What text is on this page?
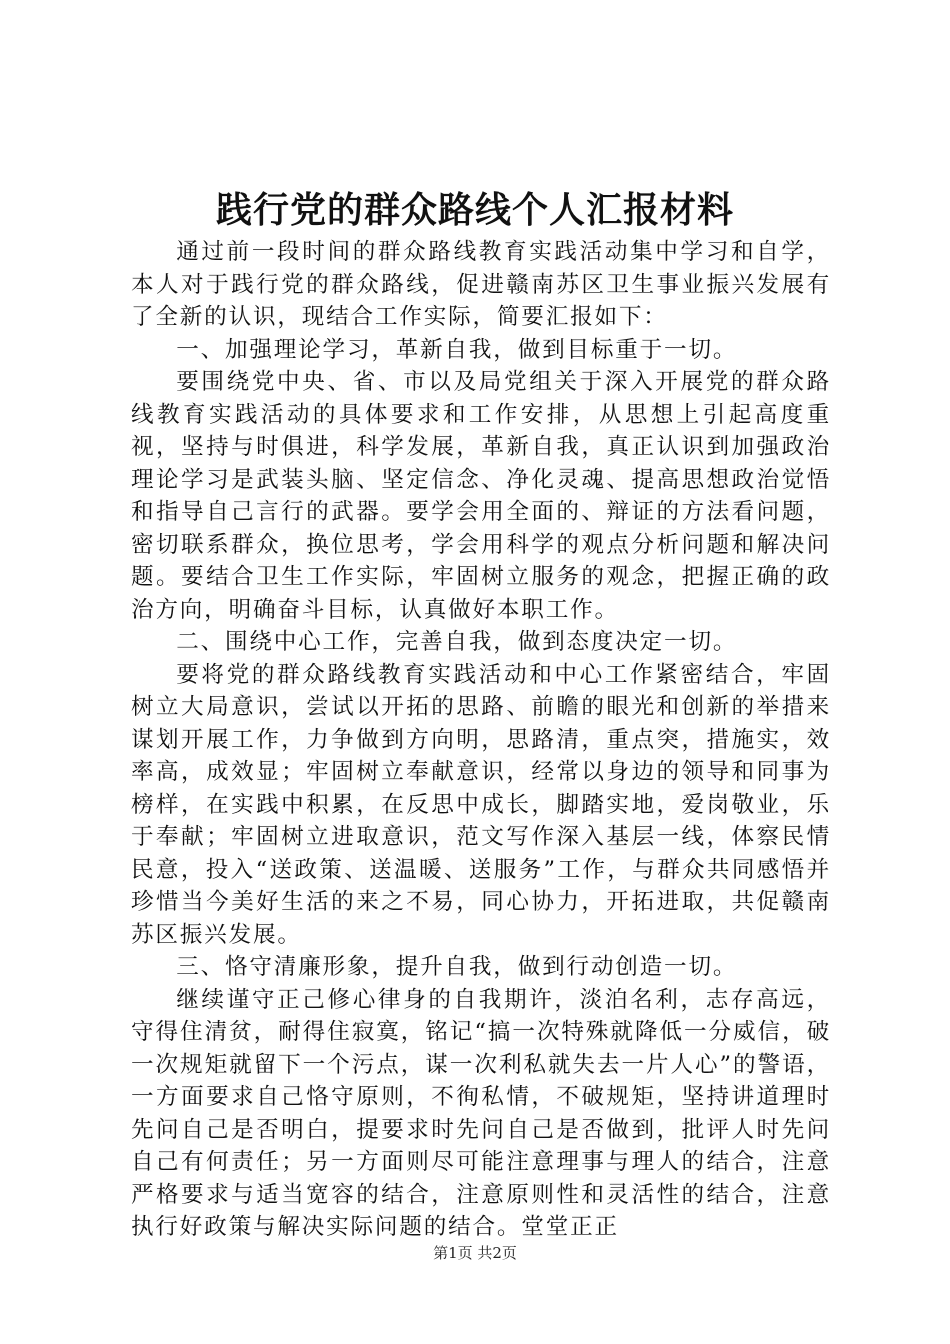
践行党的群众路线个人汇报材料

通过前一段时间的群众路线教育实践活动集中学习和自学，本人对于践行党的群众路线，促进赣南苏区卫生事业振兴发展有了全新的认识，现结合工作实际，简要汇报如下：

一、加强理论学习，革新自我，做到目标重于一切。

要围绕党中央、省、市以及局党组关于深入开展党的群众路线教育实践活动的具体要求和工作安排，从思想上引起高度重视，坚持与时俱进，科学发展，革新自我，真正认识到加强政治理论学习是武装头脑、坚定信念、净化灵魂、提高思想政治觉悟和指导自己言行的武器。要学会用全面的、辩证的方法看问题，密切联系群众，换位思考，学会用科学的观点分析问题和解决问题。要结合卫生工作实际，牢固树立服务的观念，把握正确的政治方向，明确奋斗目标，认真做好本职工作。

二、围绕中心工作，完善自我，做到态度决定一切。

要将党的群众路线教育实践活动和中心工作紧密结合，牢固树立大局意识，尝试以开拓的思路、前瞻的眼光和创新的举措来谋划开展工作，力争做到方向明，思路清，重点突，措施实，效率高，成效显；牢固树立奉献意识，经常以身边的领导和同事为榜样，在实践中积累，在反思中成长，脚踏实地，爱岗敬业，乐于奉献；牢固树立进取意识，范文写作深入基层一线，体察民情民意，投入“送政策、送温暖、送服务”工作，与群众共同感悟并珍惜当今美好生活的来之不易，同心协力，开拓进取，共促赣南苏区振兴发展。

三、恪守清廉形象，提升自我，做到行动创造一切。

继续谨守正己修心律身的自我期许，淡泊名利，志存高远，守得住清贫，耐得住寂寞，铭记“搞一次特殊就降低一分威信，破一次规矩就留下一个污点，谋一次利私就失去一片人心”的警语，一方面要求自己恪守原则，不徇私情，不破规矩，坚持讲道理时先问自己是否明白，提要求时先问自己是否做到，批评人时先问自己有何责任；另一方面则尽可能注意理事与理人的结合，注意严格要求与适当宽容的结合，注意原则性和灵活性的结合，注意执行好政策与解决实际问题的结合。堂堂正正

第1页 共2页
